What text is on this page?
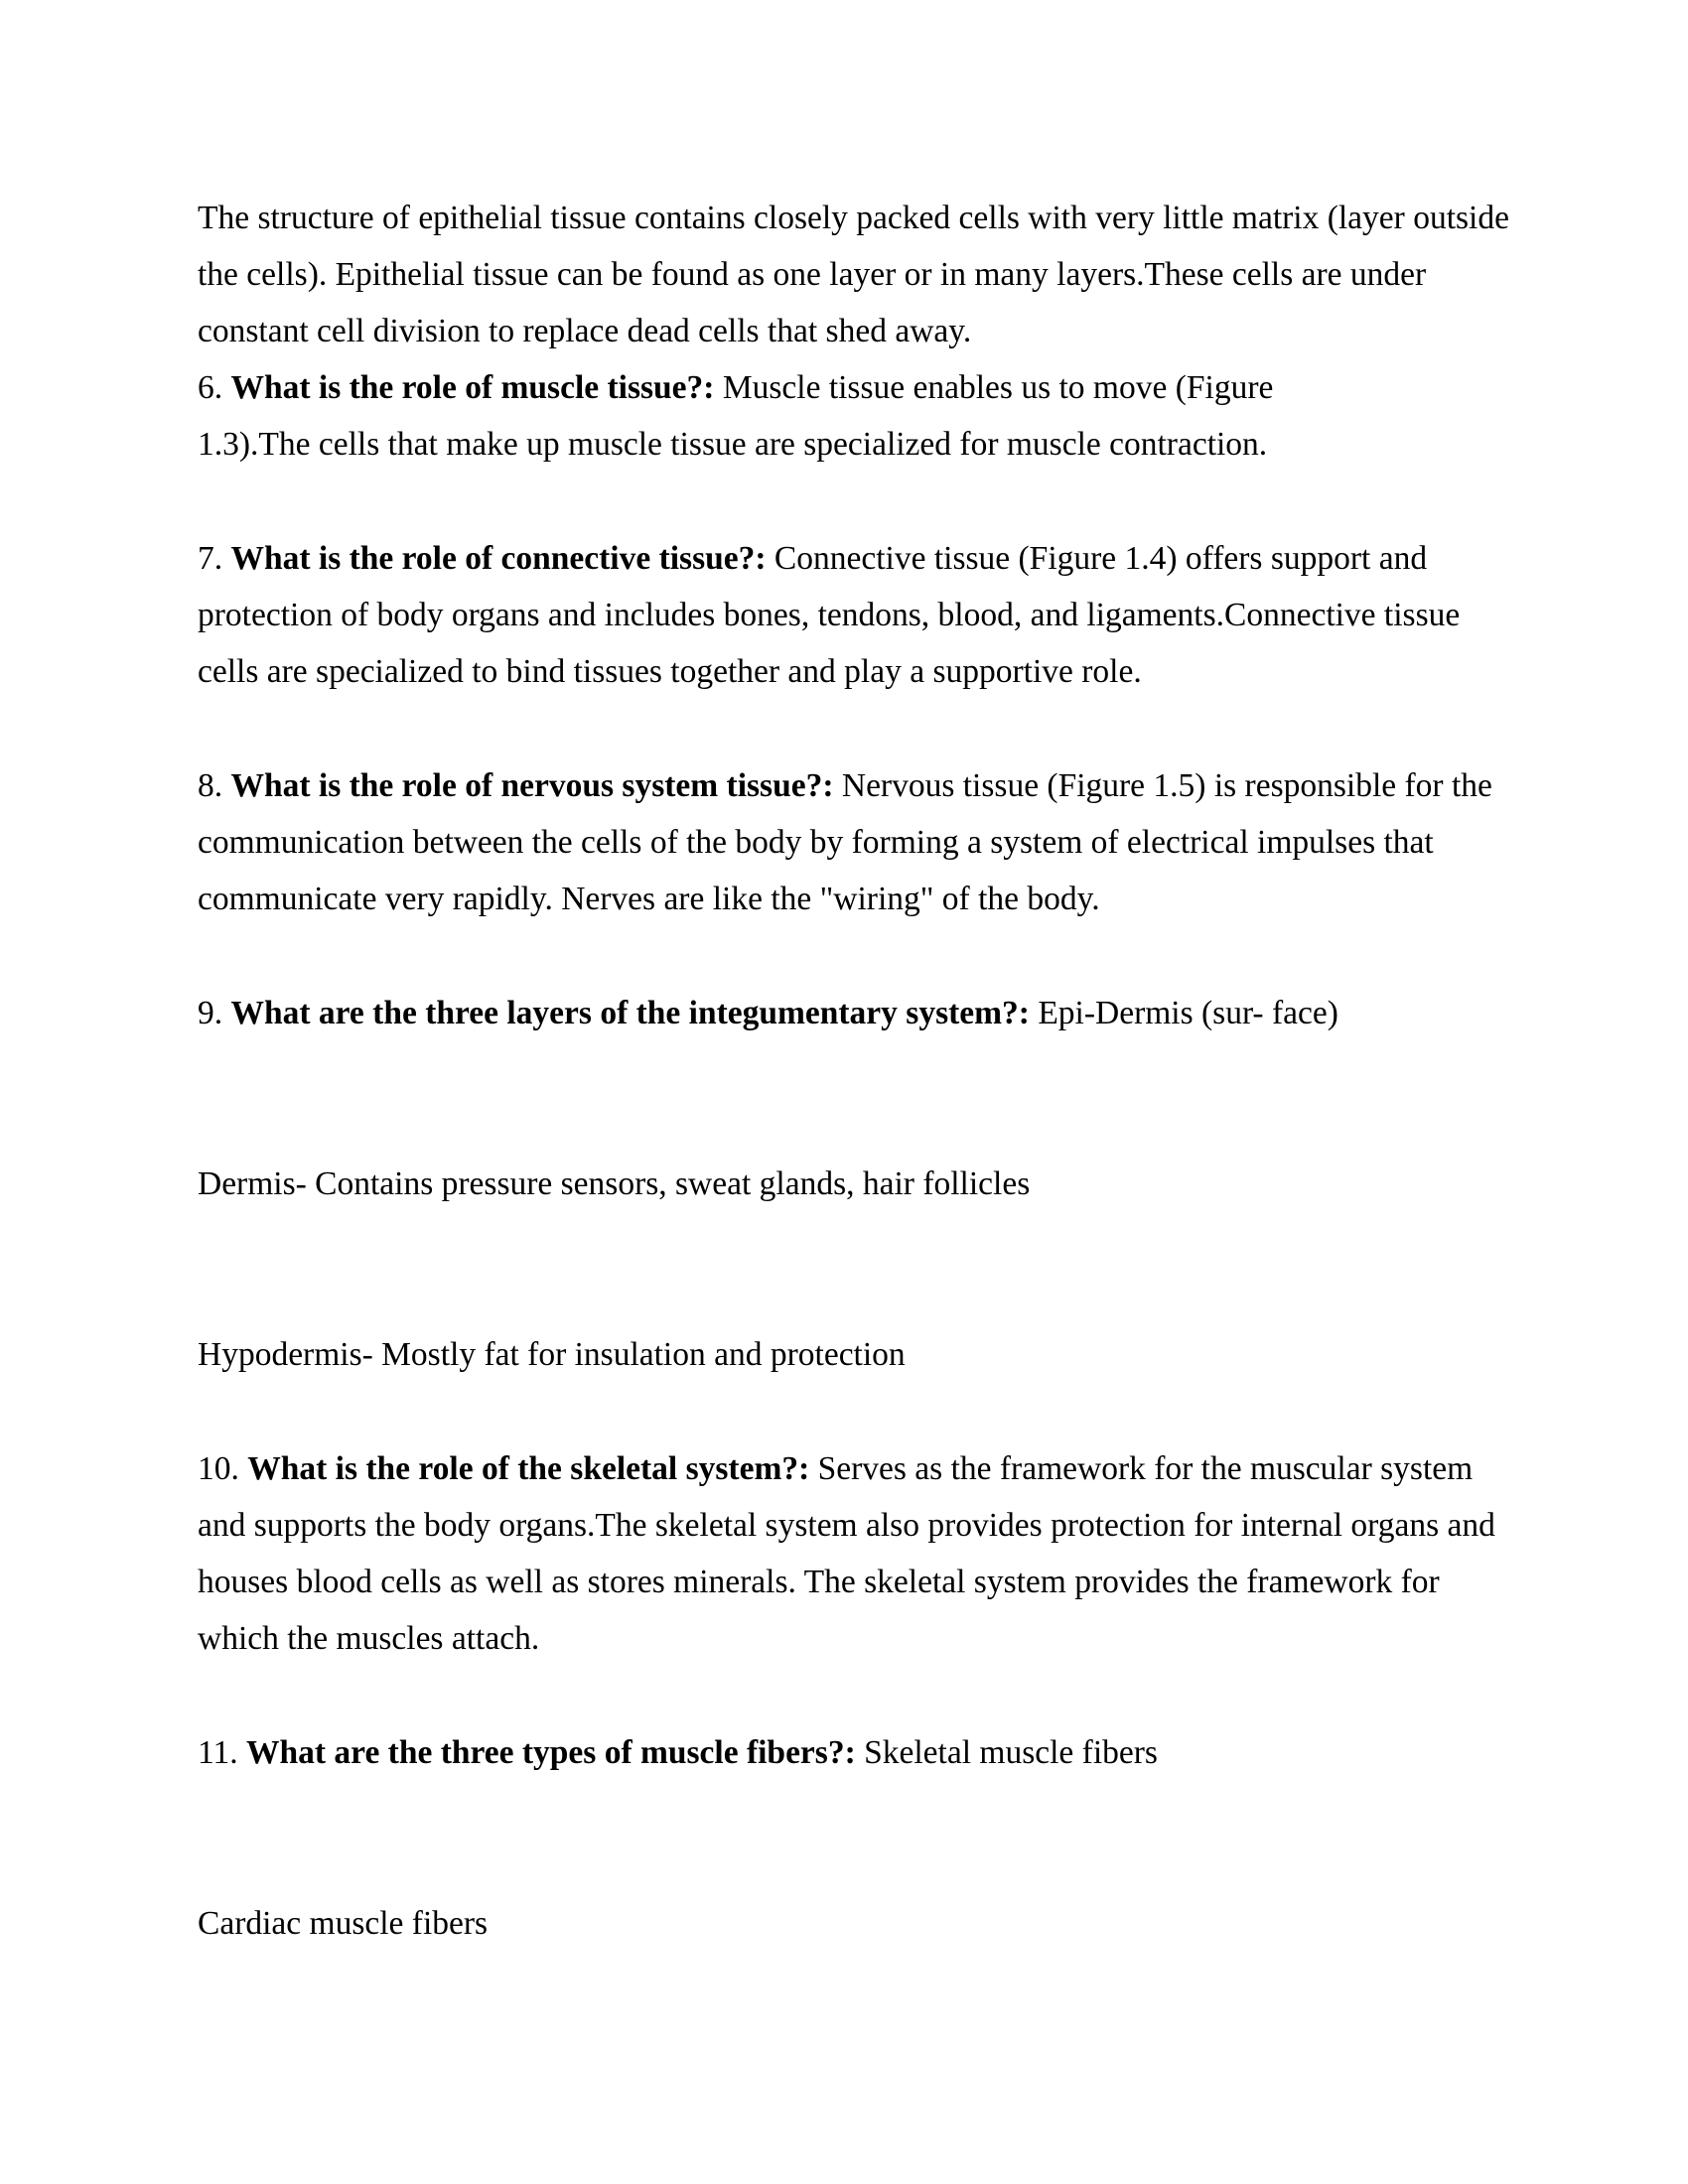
The structure of epithelial tissue contains closely packed cells with very little matrix (layer outside
the cells). Epithelial tissue can be found as one layer or in many layers.These cells are under
constant cell division to replace dead cells that shed away.
6. What is the role of muscle tissue?: Muscle tissue enables us to move (Figure
1.3).The cells that make up muscle tissue are specialized for muscle contraction.
7. What is the role of connective tissue?: Connective tissue (Figure 1.4) offers support and
protection of body organs and includes bones, tendons, blood, and ligaments.Connective tissue
cells are specialized to bind tissues together and play a supportive role.
8. What is the role of nervous system tissue?: Nervous tissue (Figure 1.5) is responsible for the
communication between the cells of the body by forming a system of electrical impulses that
communicate very rapidly. Nerves are like the "wiring" of the body.
9. What are the three layers of the integumentary system?: Epi-Dermis (sur- face)
Dermis- Contains pressure sensors, sweat glands, hair follicles
Hypodermis- Mostly fat for insulation and protection
10. What is the role of the skeletal system?: Serves as the framework for the muscular system
and supports the body organs.The skeletal system also provides protection for internal organs and
houses blood cells as well as stores minerals. The skeletal system provides the framework for
which the muscles attach.
11. What are the three types of muscle fibers?: Skeletal muscle fibers
Cardiac muscle fibers
